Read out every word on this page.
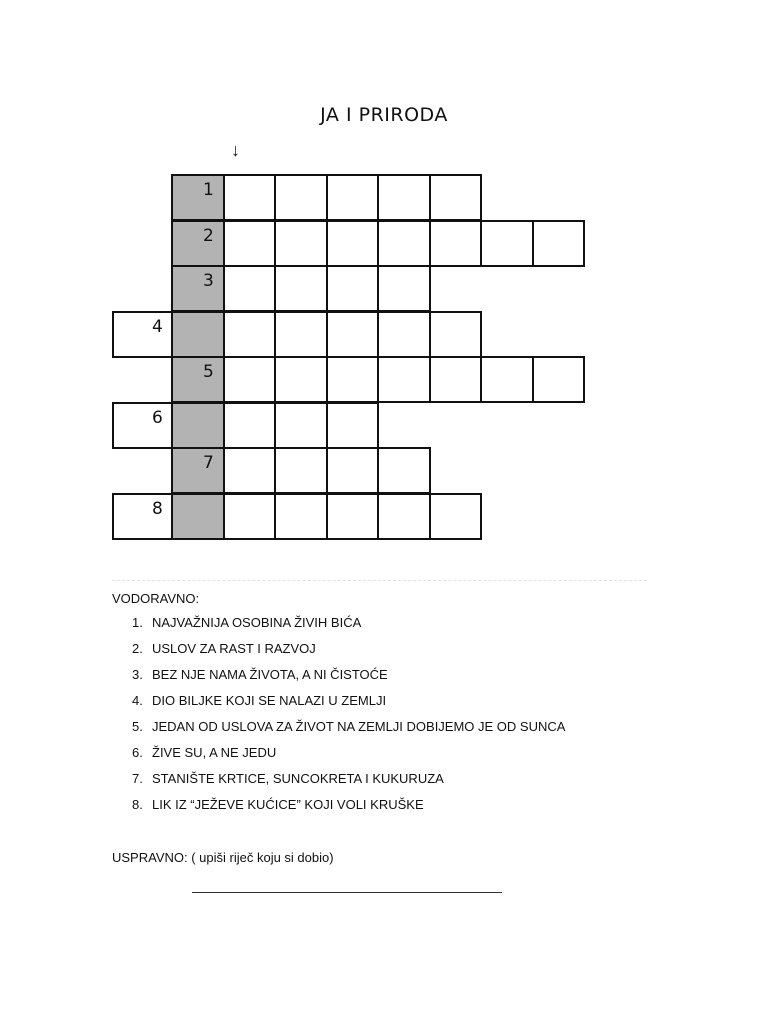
JA I PRIRODA
↓
1
2
3
4
5
6
7
8
VODORAVNO:
1. NAJVAŽNIJA OSOBINA ŽIVIH BIĆA
2. USLOV ZA RAST I RAZVOJ
3. BEZ NJE NAMA ŽIVOTA, A NI ČISTOĆE
4. DIO BILJKE KOJI SE NALAZI U ZEMLJI
5. JEDAN OD USLOVA ZA ŽIVOT NA ZEMLJI DOBIJEMO JE OD SUNCA
6. ŽIVE SU, A NE JEDU
7. STANIŠTE KRTICE, SUNCOKRETA I KUKURUZA
8. LIK IZ “JEŽEVE KUĆICE” KOJI VOLI KRUŠKE
USPRAVNO: ( upiši riječ koju si dobio)
